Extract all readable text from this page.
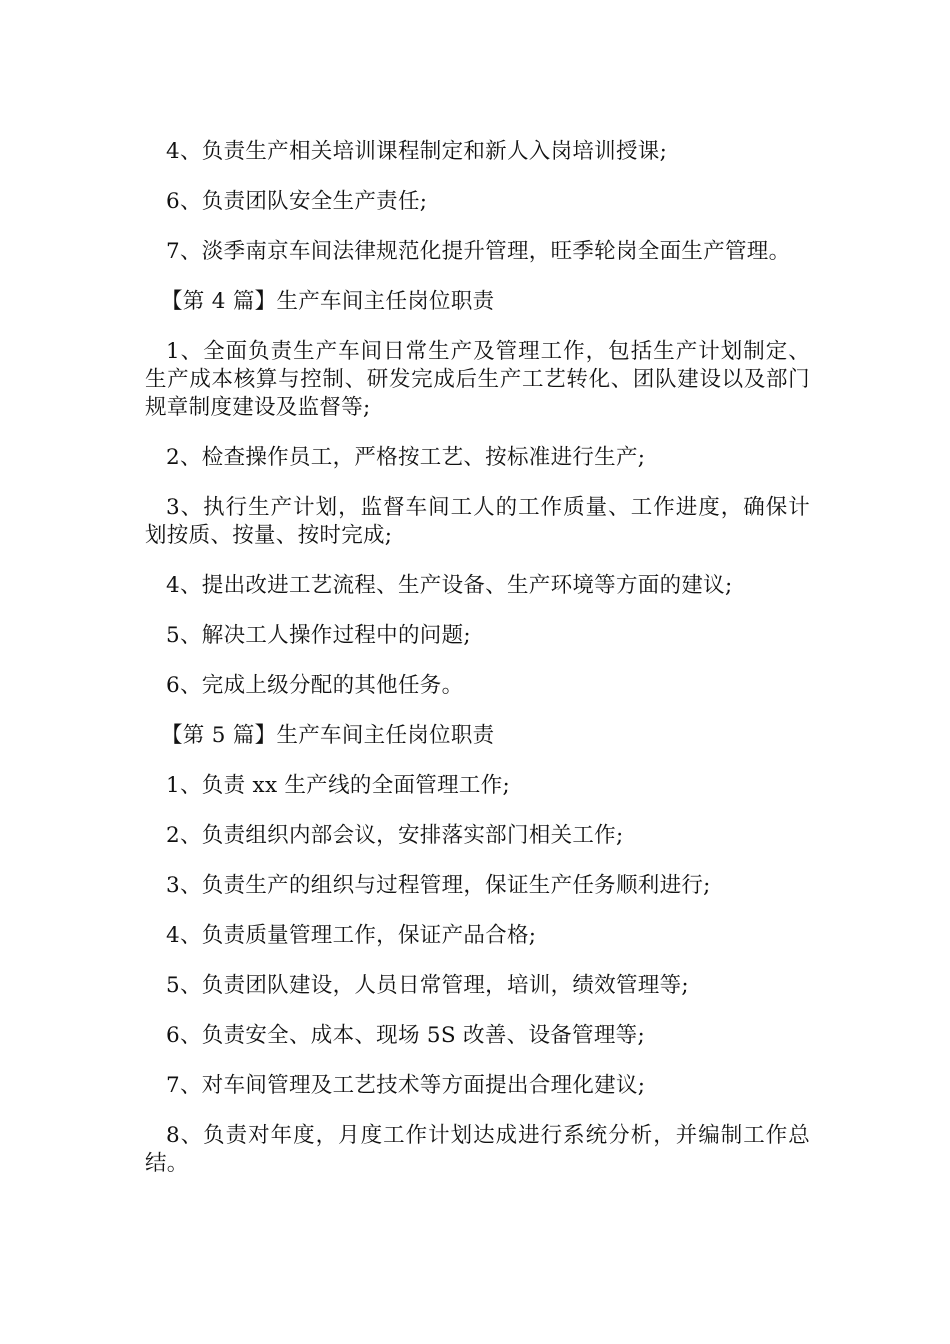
4、负责生产相关培训课程制定和新人入岗培训授课;

6、负责团队安全生产责任;

7、淡季南京车间法律规范化提升管理，旺季轮岗全面生产管理。

【第 4 篇】生产车间主任岗位职责

1、全面负责生产车间日常生产及管理工作，包括生产计划制定、生产成本核算与控制、研发完成后生产工艺转化、团队建设以及部门规章制度建设及监督等;

2、检查操作员工，严格按工艺、按标准进行生产;

3、执行生产计划，监督车间工人的工作质量、工作进度，确保计划按质、按量、按时完成;

4、提出改进工艺流程、生产设备、生产环境等方面的建议;

5、解决工人操作过程中的问题;

6、完成上级分配的其他任务。

【第 5 篇】生产车间主任岗位职责

1、负责 xx 生产线的全面管理工作;

2、负责组织内部会议，安排落实部门相关工作;

3、负责生产的组织与过程管理，保证生产任务顺利进行;

4、负责质量管理工作，保证产品合格;

5、负责团队建设，人员日常管理，培训，绩效管理等;

6、负责安全、成本、现场 5S 改善、设备管理等;

7、对车间管理及工艺技术等方面提出合理化建议;

8、负责对年度，月度工作计划达成进行系统分析，并编制工作总结。
